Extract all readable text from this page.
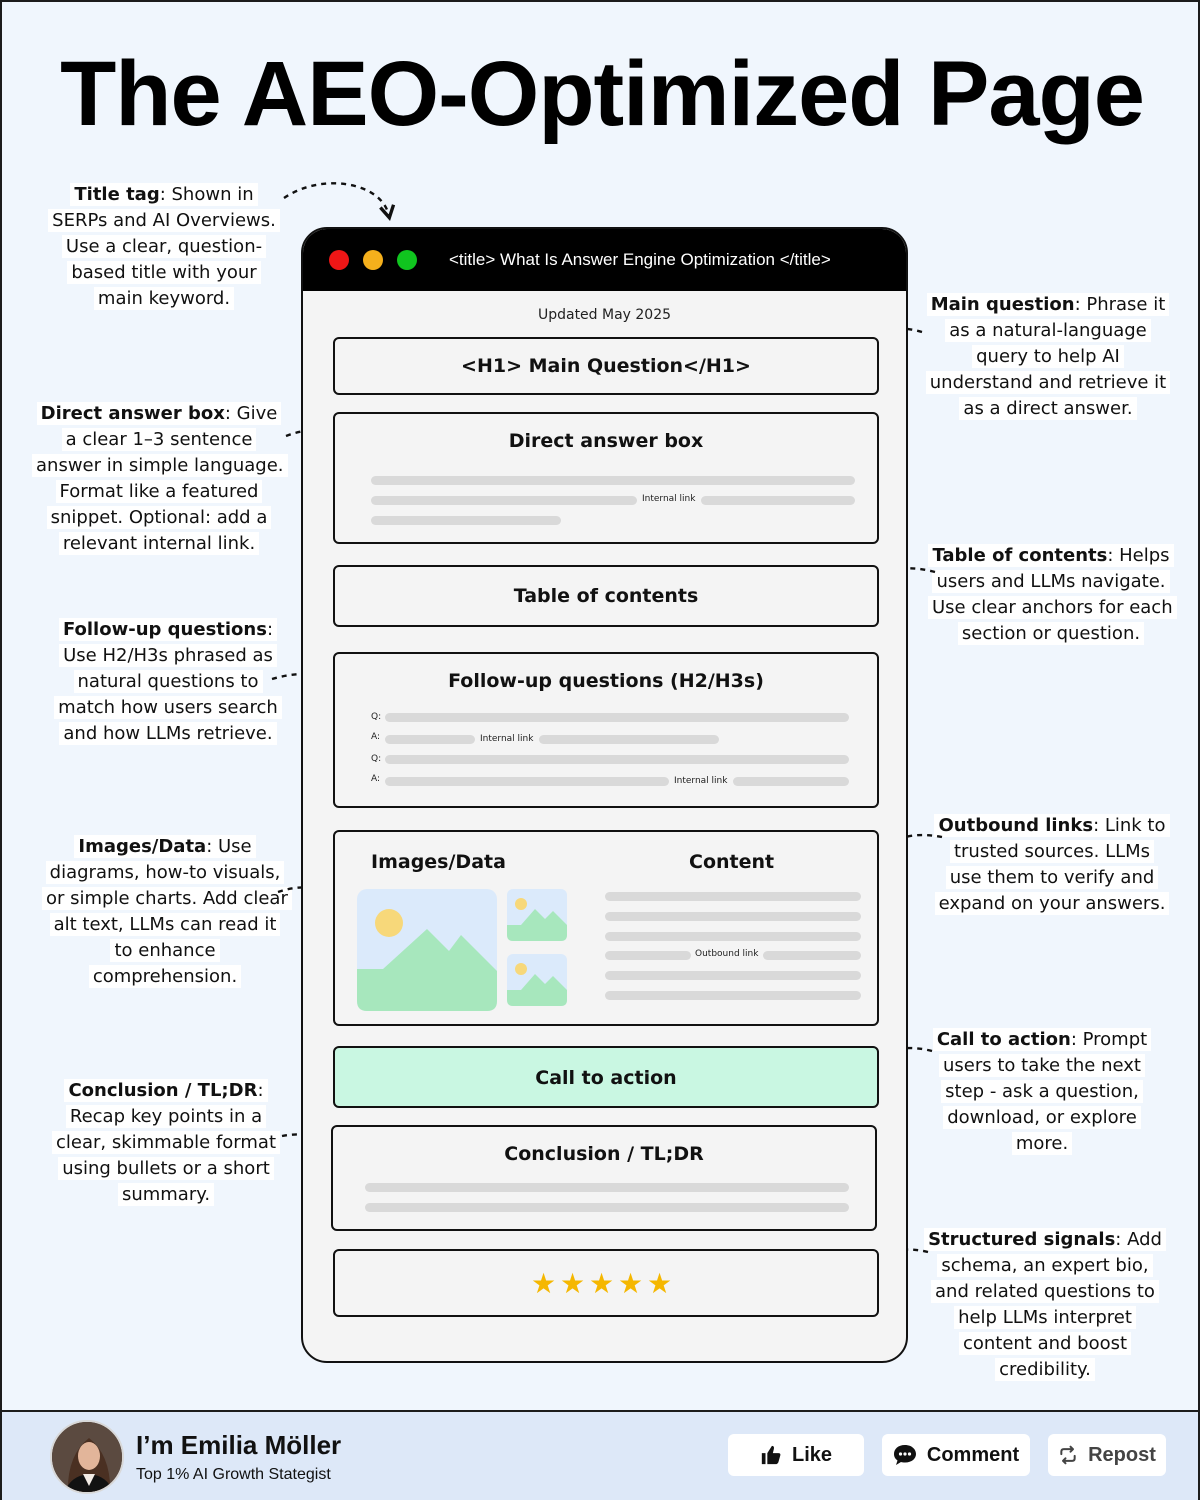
The AEO-Optimized Page
Title tag: Shown in SERPs and AI Overviews. Use a clear, question-based title with your main keyword.
Direct answer box: Give a clear 1–3 sentence answer in simple language. Format like a featured snippet. Optional: add a relevant internal link.
Follow-up questions: Use H2/H3s phrased as natural questions to match how users search and how LLMs retrieve.
Images/Data: Use diagrams, how-to visuals, or simple charts. Add clear alt text, LLMs can read it to enhance comprehension.
Conclusion / TL;DR: Recap key points in a clear, skimmable format using bullets or a short summary.
Main question: Phrase it as a natural-language query to help AI understand and retrieve it as a direct answer.
Table of contents: Helps users and LLMs navigate. Use clear anchors for each section or question.
Outbound links: Link to trusted sources. LLMs use them to verify and expand on your answers.
Call to action: Prompt users to take the next step - ask a question, download, or explore more.
Structured signals: Add schema, an expert bio, and related questions to help LLMs interpret content and boost credibility.
<title> What Is Answer Engine Optimization </title>
Updated May 2025
<H1> Main Question</H1>
Direct answer box
Internal link
Table of contents
Follow-up questions (H2/H3s)
Q:
A:	Internal link
Q:
A:	Internal link
Images/Data	Content
Outbound link
Call to action
Conclusion / TL;DR
★ ★ ★ ★ ★
I’m Emilia Möller
Top 1% AI Growth Stategist
Like	Comment	Repost
